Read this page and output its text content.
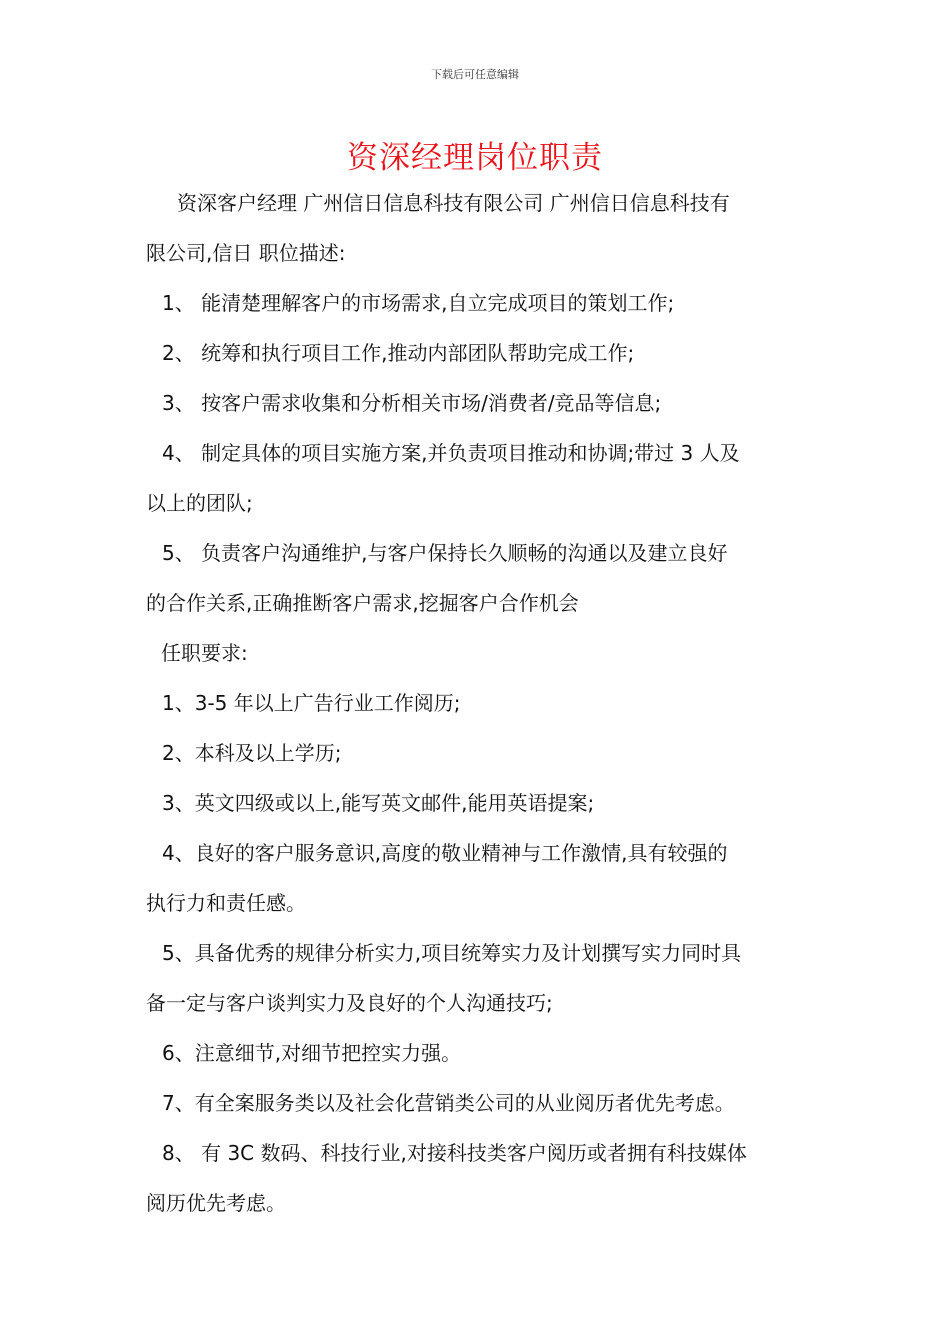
下载后可任意编辑
资深经理岗位职责

资深客户经理 广州信日信息科技有限公司 广州信日信息科技有

限公司,信日 职位描述:

1、 能清楚理解客户的市场需求,自立完成项目的策划工作;

2、 统筹和执行项目工作,推动内部团队帮助完成工作;

3、 按客户需求收集和分析相关市场/消费者/竞品等信息;

4、 制定具体的项目实施方案,并负责项目推动和协调;带过 3 人及

以上的团队;

5、 负责客户沟通维护,与客户保持长久顺畅的沟通以及建立良好

的合作关系,正确推断客户需求,挖掘客户合作机会

任职要求:

1、3-5 年以上广告行业工作阅历;

2、本科及以上学历;

3、英文四级或以上,能写英文邮件,能用英语提案;

4、良好的客户服务意识,高度的敬业精神与工作激情,具有较强的

执行力和责任感。

5、具备优秀的规律分析实力,项目统筹实力及计划撰写实力同时具

备一定与客户谈判实力及良好的个人沟通技巧;

6、注意细节,对细节把控实力强。

7、有全案服务类以及社会化营销类公司的从业阅历者优先考虑。

8、 有 3C 数码、科技行业,对接科技类客户阅历或者拥有科技媒体

阅历优先考虑。
